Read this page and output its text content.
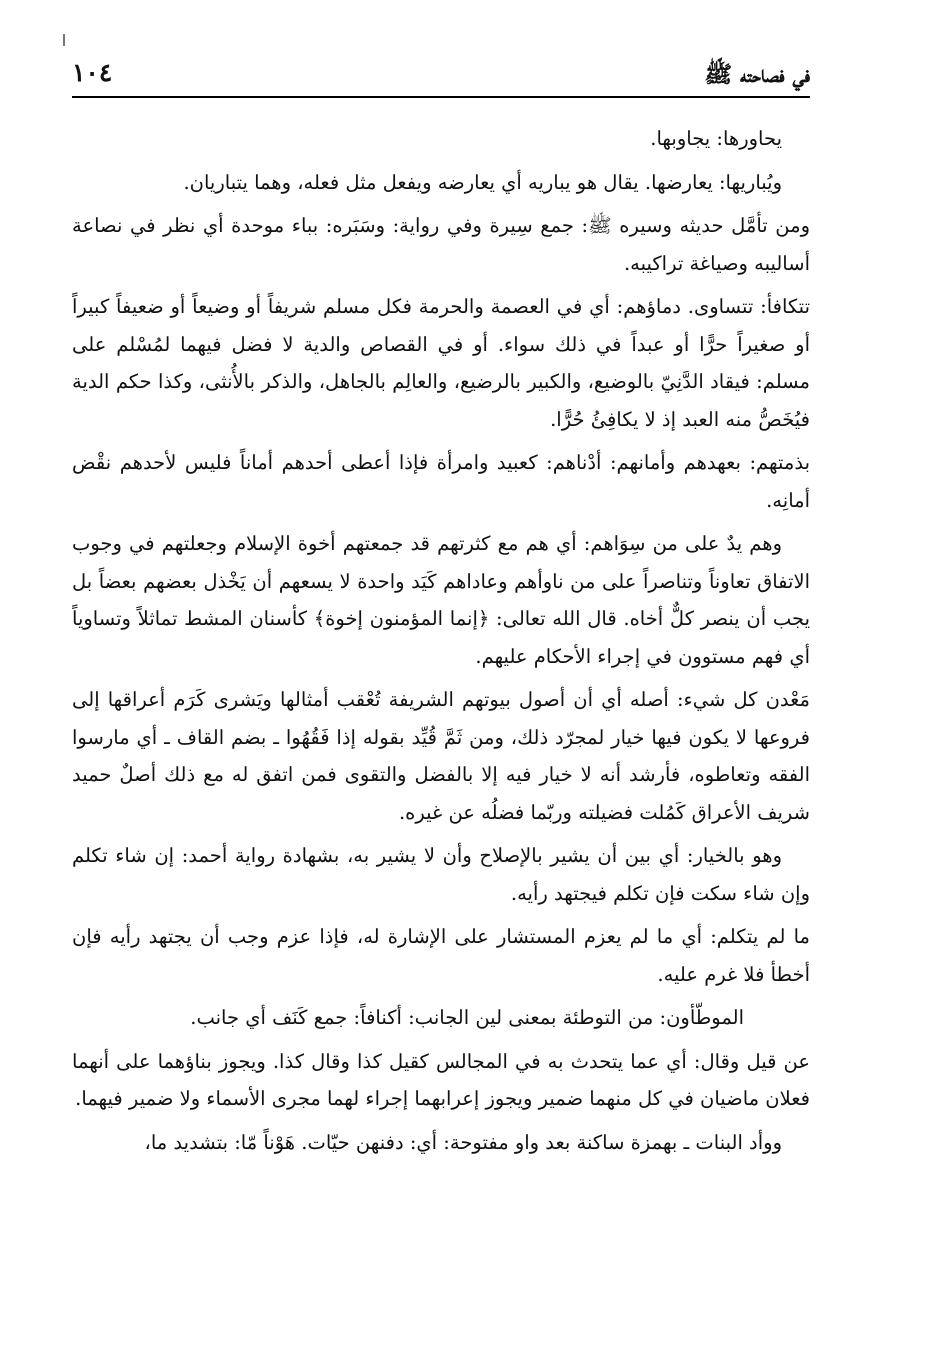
١٠٤	في فصاحته ﷺ

يحاورها: يجاوبها.

ويُباريها: يعارضها. يقال هو يباريه أي يعارضه ويفعل مثل فعله، وهما يتباريان.

ومن تأمَّل حديثه وسيره ﷺ: جمع سِيرة وفي رواية: وسَبَره: بباء موحدة أي نظر في نصاعة أساليبه وصياغة تراكيبه.

تتكافأ: تتساوى. دماؤهم: أي في العصمة والحرمة فكل مسلم شريفاً أو وضيعاً أو ضعيفاً كبيراً أو صغيراً حرًّا أو عبداً في ذلك سواء. أو في القصاص والدية لا فضل فيهما لمُسْلم على مسلم: فيقاد الدَّنِيّ بالوضيع، والكبير بالرضيع، والعالِم بالجاهل، والذكر بالأُنثى، وكذا حكم الدية فيُخَصُّ منه العبد إذ لا يكافِئُ حُرًّا.

بذمتهم: بعهدهم وأمانهم: أدْناهم: كعبيد وامرأة فإذا أعطى أحدهم أماناً فليس لأحدهم نقْض أمانِه.

وهم يدٌ على من سِوَاهم: أي هم مع كثرتهم قد جمعتهم أخوة الإسلام وجعلتهم في وجوب الاتفاق تعاوناً وتناصراً على من ناوأهم وعاداهم كَيَد واحدة لا يسعهم أن يَخْذل بعضهم بعضاً بل يجب أن ينصر كلٌّ أخاه. قال الله تعالى: ﴿إنما المؤمنون إخوة﴾ كأسنان المشط تماثلاً وتساوياً أي فهم مستوون في إجراء الأحكام عليهم.

مَعْدن كل شيء: أصله أي أن أصول بيوتهم الشريفة تُعْقب أمثالها ويَشرى كَرَم أعراقها إلى فروعها لا يكون فيها خيار لمجرّد ذلك، ومن ثَمَّ قُيِّد بقوله إذا فَقُهُوا ـ بضم القاف ـ أي مارسوا الفقه وتعاطوه، فأرشد أنه لا خيار فيه إلا بالفضل والتقوى فمن اتفق له مع ذلك أصلٌ حميد شريف الأعراق كَمُلت فضيلته وربّما فضلُه عن غيره.

وهو بالخيار: أي بين أن يشير بالإصلاح وأن لا يشير به، بشهادة رواية أحمد: إن شاء تكلم وإن شاء سكت فإن تكلم فيجتهد رأيه.

ما لم يتكلم: أي ما لم يعزم المستشار على الإشارة له، فإذا عزم وجب أن يجتهد رأيه فإن أخطأ فلا غرم عليه.

الموطّأون: من التوطئة بمعنى لين الجانب: أكنافاً: جمع كَنَف أي جانب.

عن قيل وقال: أي عما يتحدث به في المجالس كقيل كذا وقال كذا. ويجوز بناؤهما على أنهما فعلان ماضيان في كل منهما ضمير ويجوز إعرابهما إجراء لهما مجرى الأسماء ولا ضمير فيهما.

ووأد البنات ـ بهمزة ساكنة بعد واو مفتوحة: أي: دفنهن حيّات. هَوْناً مّا: بتشديد ما،
